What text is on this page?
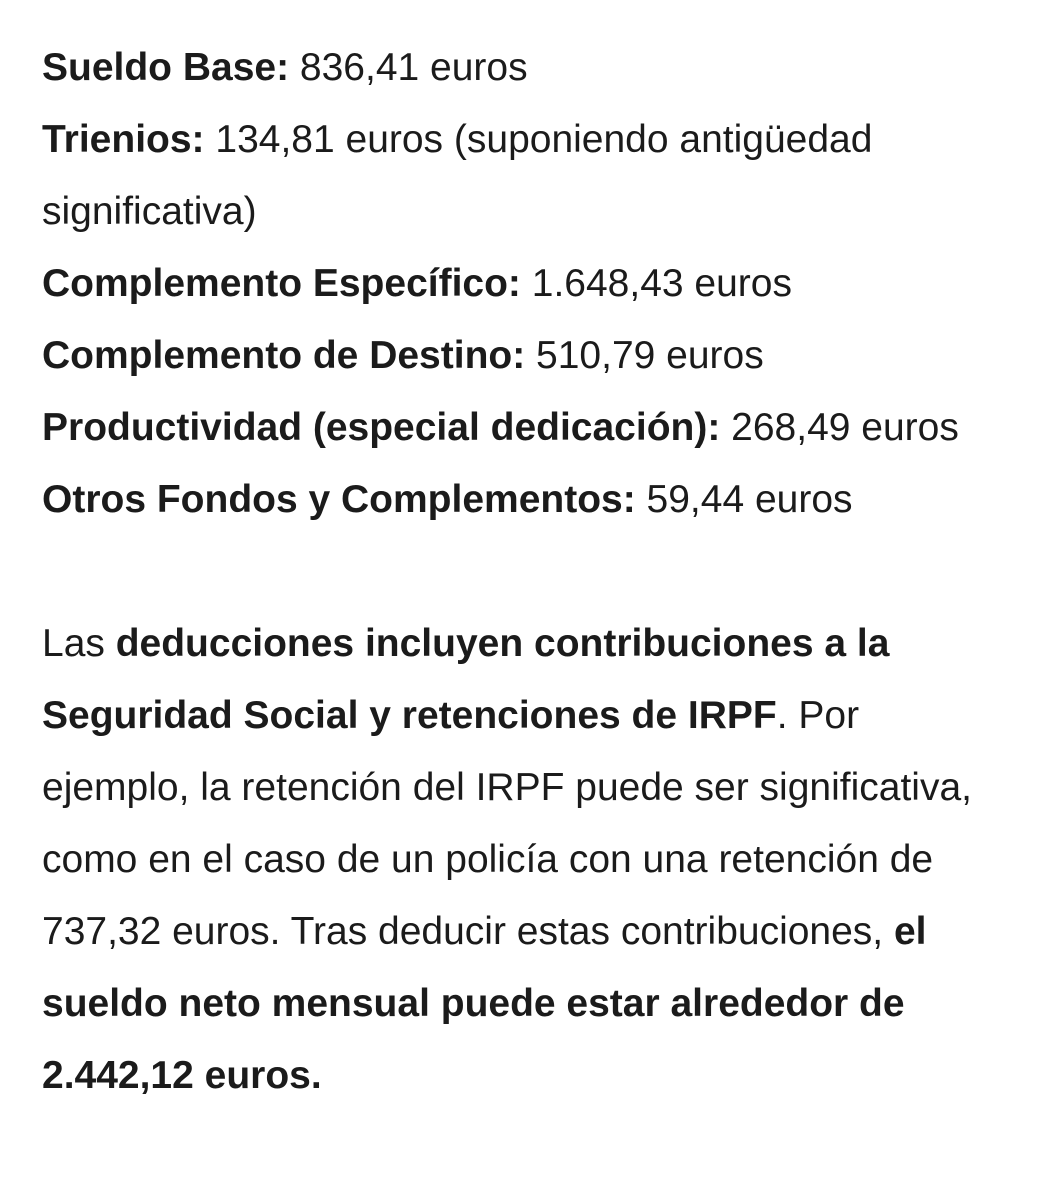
Sueldo Base: 836,41 euros

Trienios: 134,81 euros (suponiendo antigüedad significativa)

Complemento Específico: 1.648,43 euros

Complemento de Destino: 510,79 euros

Productividad (especial dedicación): 268,49 euros

Otros Fondos y Complementos: 59,44 euros

Las deducciones incluyen contribuciones a la Seguridad Social y retenciones de IRPF. Por ejemplo, la retención del IRPF puede ser significativa, como en el caso de un policía con una retención de 737,32 euros. Tras deducir estas contribuciones, el sueldo neto mensual puede estar alrededor de 2.442,12 euros.
